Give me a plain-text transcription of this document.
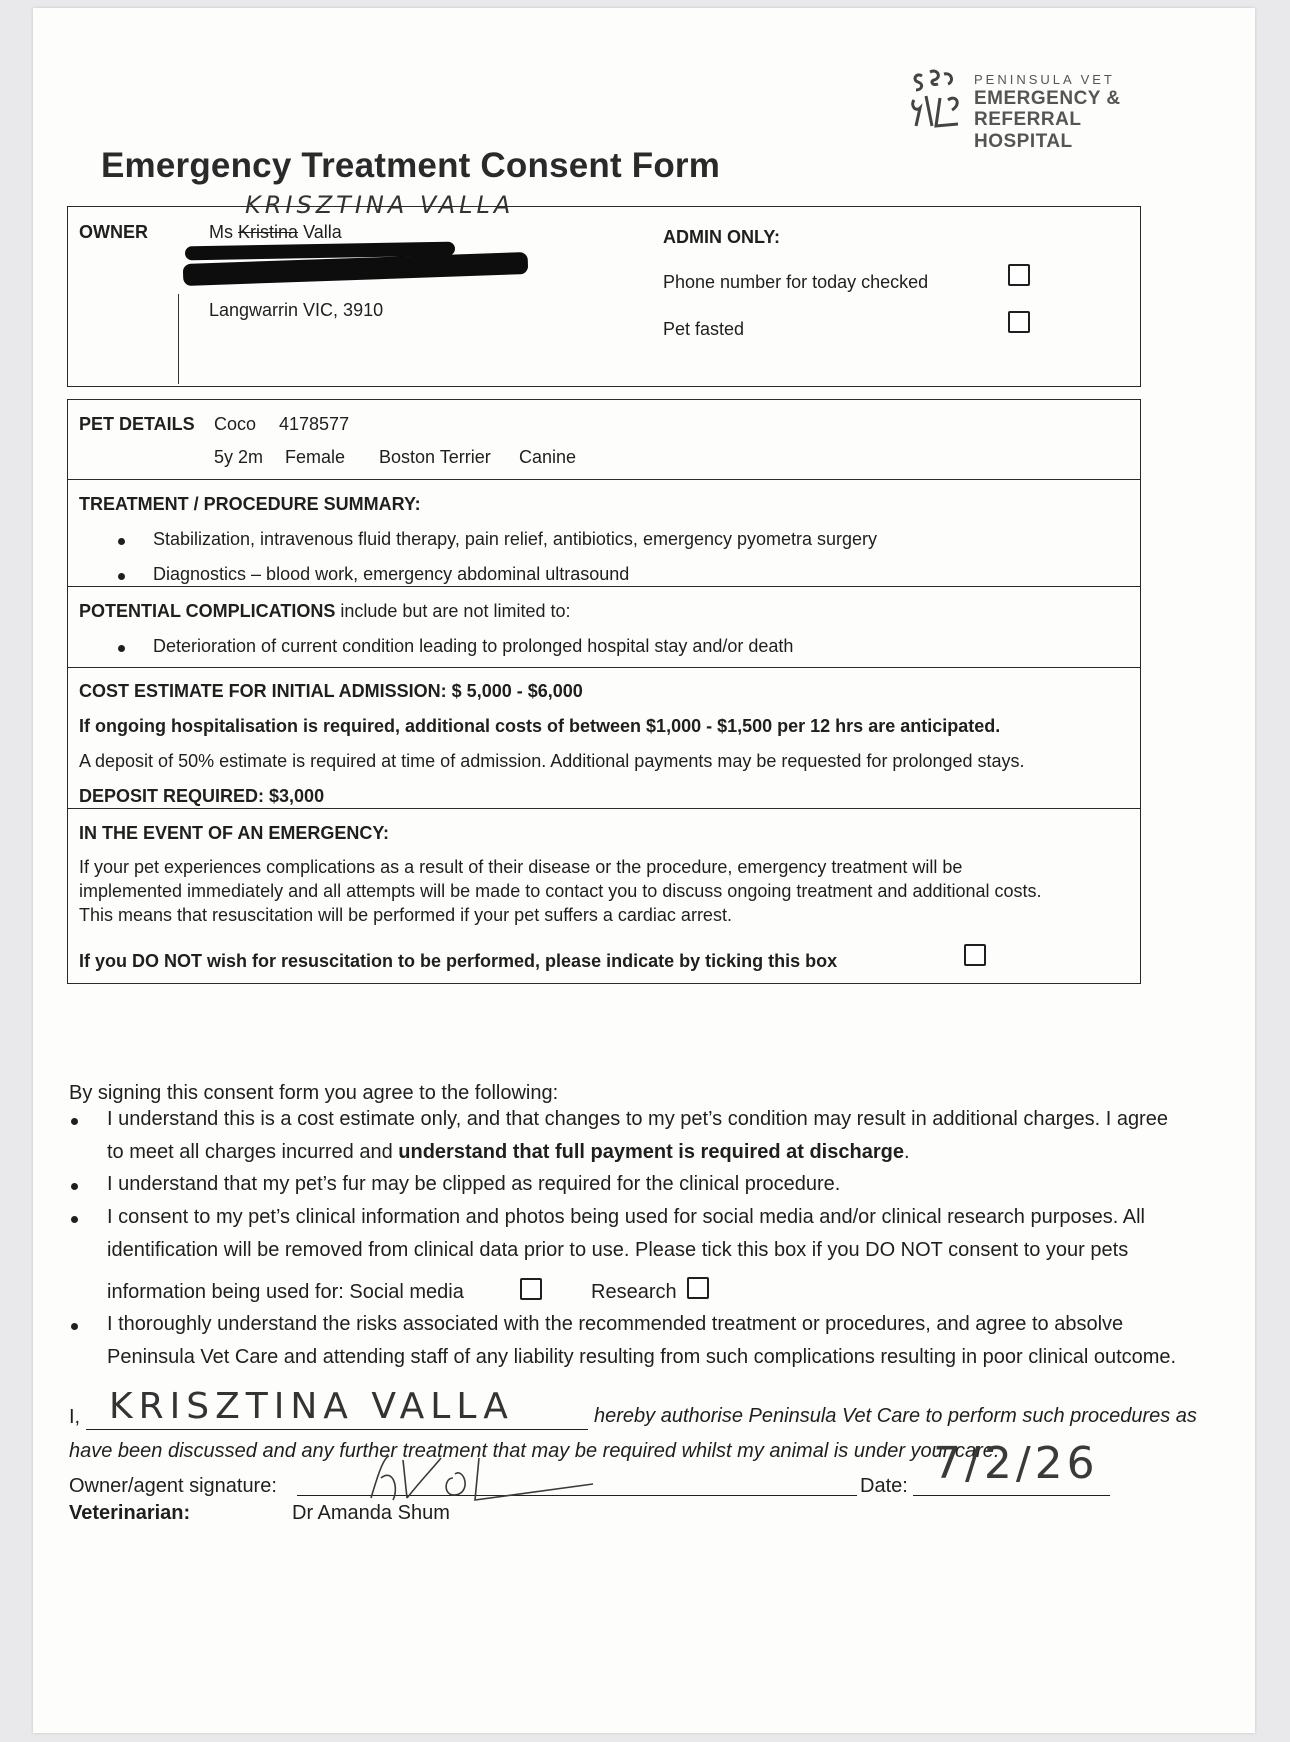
PENINSULA VET
EMERGENCY &
REFERRAL HOSPITAL
Emergency Treatment Consent Form
KRISZTINA VALLA
OWNER	Ms Kristina Valla
Langwarrin VIC, 3910
ADMIN ONLY:
Phone number for today checked
Pet fasted
PET DETAILS Coco 4178577
5y 2m Female Boston Terrier Canine
TREATMENT / PROCEDURE SUMMARY:
Stabilization, intravenous fluid therapy, pain relief, antibiotics, emergency pyometra surgery
Diagnostics – blood work, emergency abdominal ultrasound
POTENTIAL COMPLICATIONS include but are not limited to:
Deterioration of current condition leading to prolonged hospital stay and/or death
COST ESTIMATE FOR INITIAL ADMISSION: $ 5,000 - $6,000
If ongoing hospitalisation is required, additional costs of between $1,000 - $1,500 per 12 hrs are anticipated.
A deposit of 50% estimate is required at time of admission. Additional payments may be requested for prolonged stays.
DEPOSIT REQUIRED: $3,000
IN THE EVENT OF AN EMERGENCY:
If your pet experiences complications as a result of their disease or the procedure, emergency treatment will be
implemented immediately and all attempts will be made to contact you to discuss ongoing treatment and additional costs.
This means that resuscitation will be performed if your pet suffers a cardiac arrest.
If you DO NOT wish for resuscitation to be performed, please indicate by ticking this box
By signing this consent form you agree to the following:
I understand this is a cost estimate only, and that changes to my pet’s condition may result in additional charges. I agree
to meet all charges incurred and understand that full payment is required at discharge.
I understand that my pet’s fur may be clipped as required for the clinical procedure.
I consent to my pet’s clinical information and photos being used for social media and/or clinical research purposes. All
identification will be removed from clinical data prior to use. Please tick this box if you DO NOT consent to your pets
information being used for: Social media	Research
I thoroughly understand the risks associated with the recommended treatment or procedures, and agree to absolve
Peninsula Vet Care and attending staff of any liability resulting from such complications resulting in poor clinical outcome.
I, KRISZTINA VALLA	hereby authorise Peninsula Vet Care to perform such procedures as
have been discussed and any further treatment that may be required whilst my animal is under your care.
Owner/agent signature:	Date: 7/2/26
Veterinarian:	Dr Amanda Shum
